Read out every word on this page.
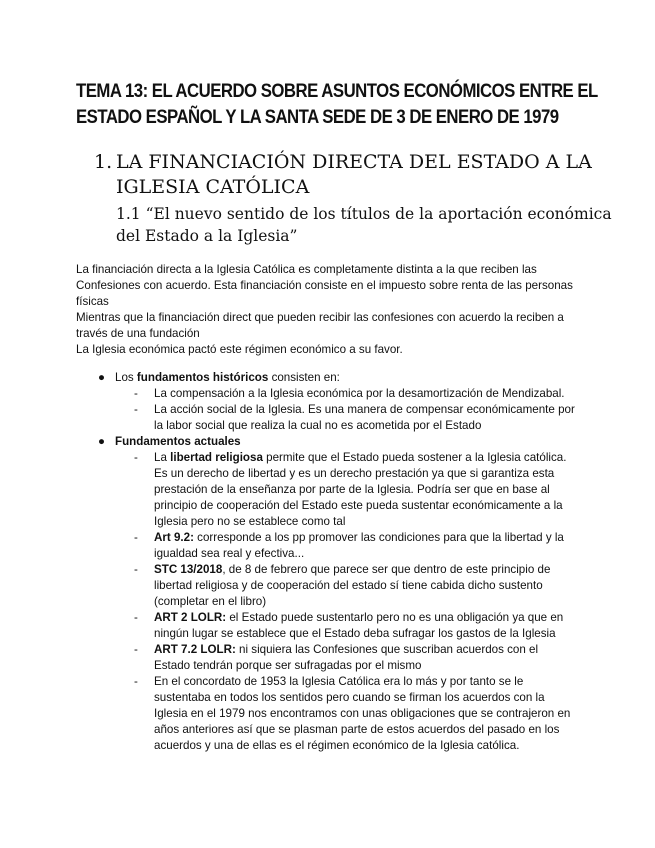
TEMA 13: EL ACUERDO SOBRE ASUNTOS ECONÓMICOS ENTRE EL ESTADO ESPAÑOL Y LA SANTA SEDE DE 3 DE ENERO DE 1979
1. LA FINANCIACIÓN DIRECTA DEL ESTADO A LA IGLESIA CATÓLICA
1.1 “El nuevo sentido de los títulos de la aportación económica del Estado a la Iglesia”

La financiación directa a la Iglesia Católica es completamente distinta a la que reciben las Confesiones con acuerdo. Esta financiación consiste en el impuesto sobre renta de las personas físicas

Mientras que la financiación direct que pueden recibir las confesiones con acuerdo la reciben a través de una fundación

La Iglesia económica pactó este régimen económico a su favor.

● Los fundamentos históricos consisten en:
- La compensación a la Iglesia económica por la desamortización de Mendizabal.
- La acción social de la Iglesia. Es una manera de compensar económicamente por la labor social que realiza la cual no es acometida por el Estado
● Fundamentos actuales
- La libertad religiosa permite que el Estado pueda sostener a la Iglesia católica. Es un derecho de libertad y es un derecho prestación ya que si garantiza esta prestación de la enseñanza por parte de la Iglesia. Podría ser que en base al principio de cooperación del Estado este pueda sustentar económicamente a la Iglesia pero no se establece como tal
- Art 9.2: corresponde a los pp promover las condiciones para que la libertad y la igualdad sea real y efectiva...
- STC 13/2018, de 8 de febrero que parece ser que dentro de este principio de libertad religiosa y de cooperación del estado sí tiene cabida dicho sustento (completar en el libro)
- ART 2 LOLR: el Estado puede sustentarlo pero no es una obligación ya que en ningún lugar se establece que el Estado deba sufragar los gastos de la Iglesia
- ART 7.2 LOLR: ni siquiera las Confesiones que suscriban acuerdos con el Estado tendrán porque ser sufragadas por el mismo
- En el concordato de 1953 la Iglesia Católica era lo más y por tanto se le sustentaba en todos los sentidos pero cuando se firman los acuerdos con la Iglesia en el 1979 nos encontramos con unas obligaciones que se contrajeron en años anteriores así que se plasman parte de estos acuerdos del pasado en los acuerdos y una de ellas es el régimen económico de la Iglesia católica.
